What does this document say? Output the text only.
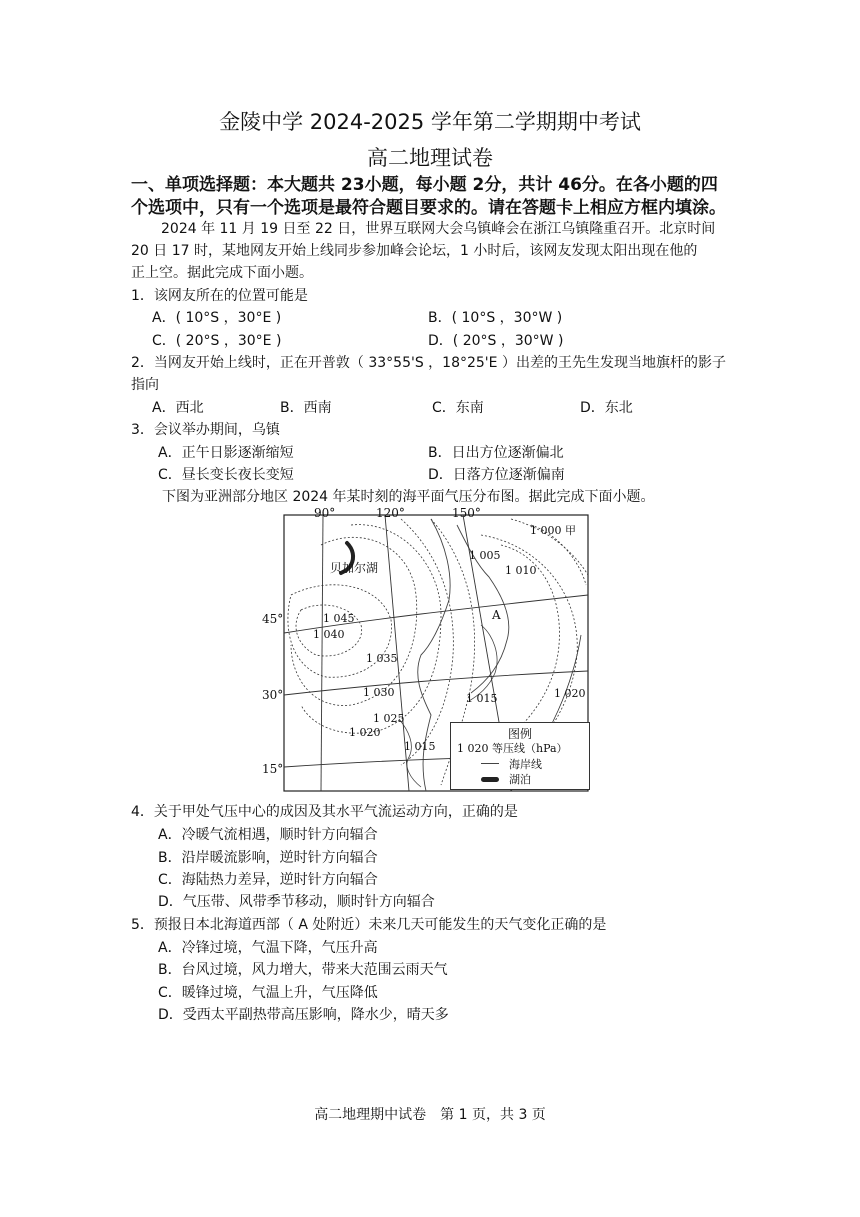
金陵中学 2024-2025 学年第二学期期中考试
高二地理试卷
一、单项选择题：本大题共 23小题，每小题 2分，共计 46分。在各小题的四
个选项中，只有一个选项是最符合题目要求的。请在答题卡上相应方框内填涂。
2024 年 11 月 19 日至 22 日，世界互联网大会乌镇峰会在浙江乌镇隆重召开。北京时间
20 日 17 时，某地网友开始上线同步参加峰会论坛，1 小时后，该网友发现太阳出现在他的
正上空。据此完成下面小题。
1．该网友所在的位置可能是
A．( 10°S ，30°E )	B．( 10°S ，30°W )
C．( 20°S ，30°E )	D．( 20°S ，30°W )
2．当网友开始上线时，正在开普敦（ 33°55'S ，18°25'E ）出差的王先生发现当地旗杆的影子
指向
A．西北	B．西南	C．东南	D．东北
3．会议举办期间，乌镇
A．正午日影逐渐缩短	B．日出方位逐渐偏北
C．昼长变长夜长变短	D．日落方位逐渐偏南
下图为亚洲部分地区 2024 年某时刻的海平面气压分布图。据此完成下面小题。
90°	120°	150°
45°
30°
15°
贝加尔湖
1 045
1 040
1 035
1 030
1 025
1 020
1 015
1 015
1 005
1 010
1 020
1 000 甲
A
图例
1 020 等压线（hPa）
海岸线
湖泊
4．关于甲处气压中心的成因及其水平气流运动方向，正确的是
A．冷暖气流相遇，顺时针方向辐合
B．沿岸暖流影响，逆时针方向辐合
C．海陆热力差异，逆时针方向辐合
D．气压带、风带季节移动，顺时针方向辐合
5．预报日本北海道西部（ A 处附近）未来几天可能发生的天气变化正确的是
A．冷锋过境，气温下降，气压升高
B．台风过境，风力增大，带来大范围云雨天气
C．暖锋过境，气温上升，气压降低
D．受西太平副热带高压影响，降水少，晴天多
高二地理期中试卷　第 1 页，共 3 页
